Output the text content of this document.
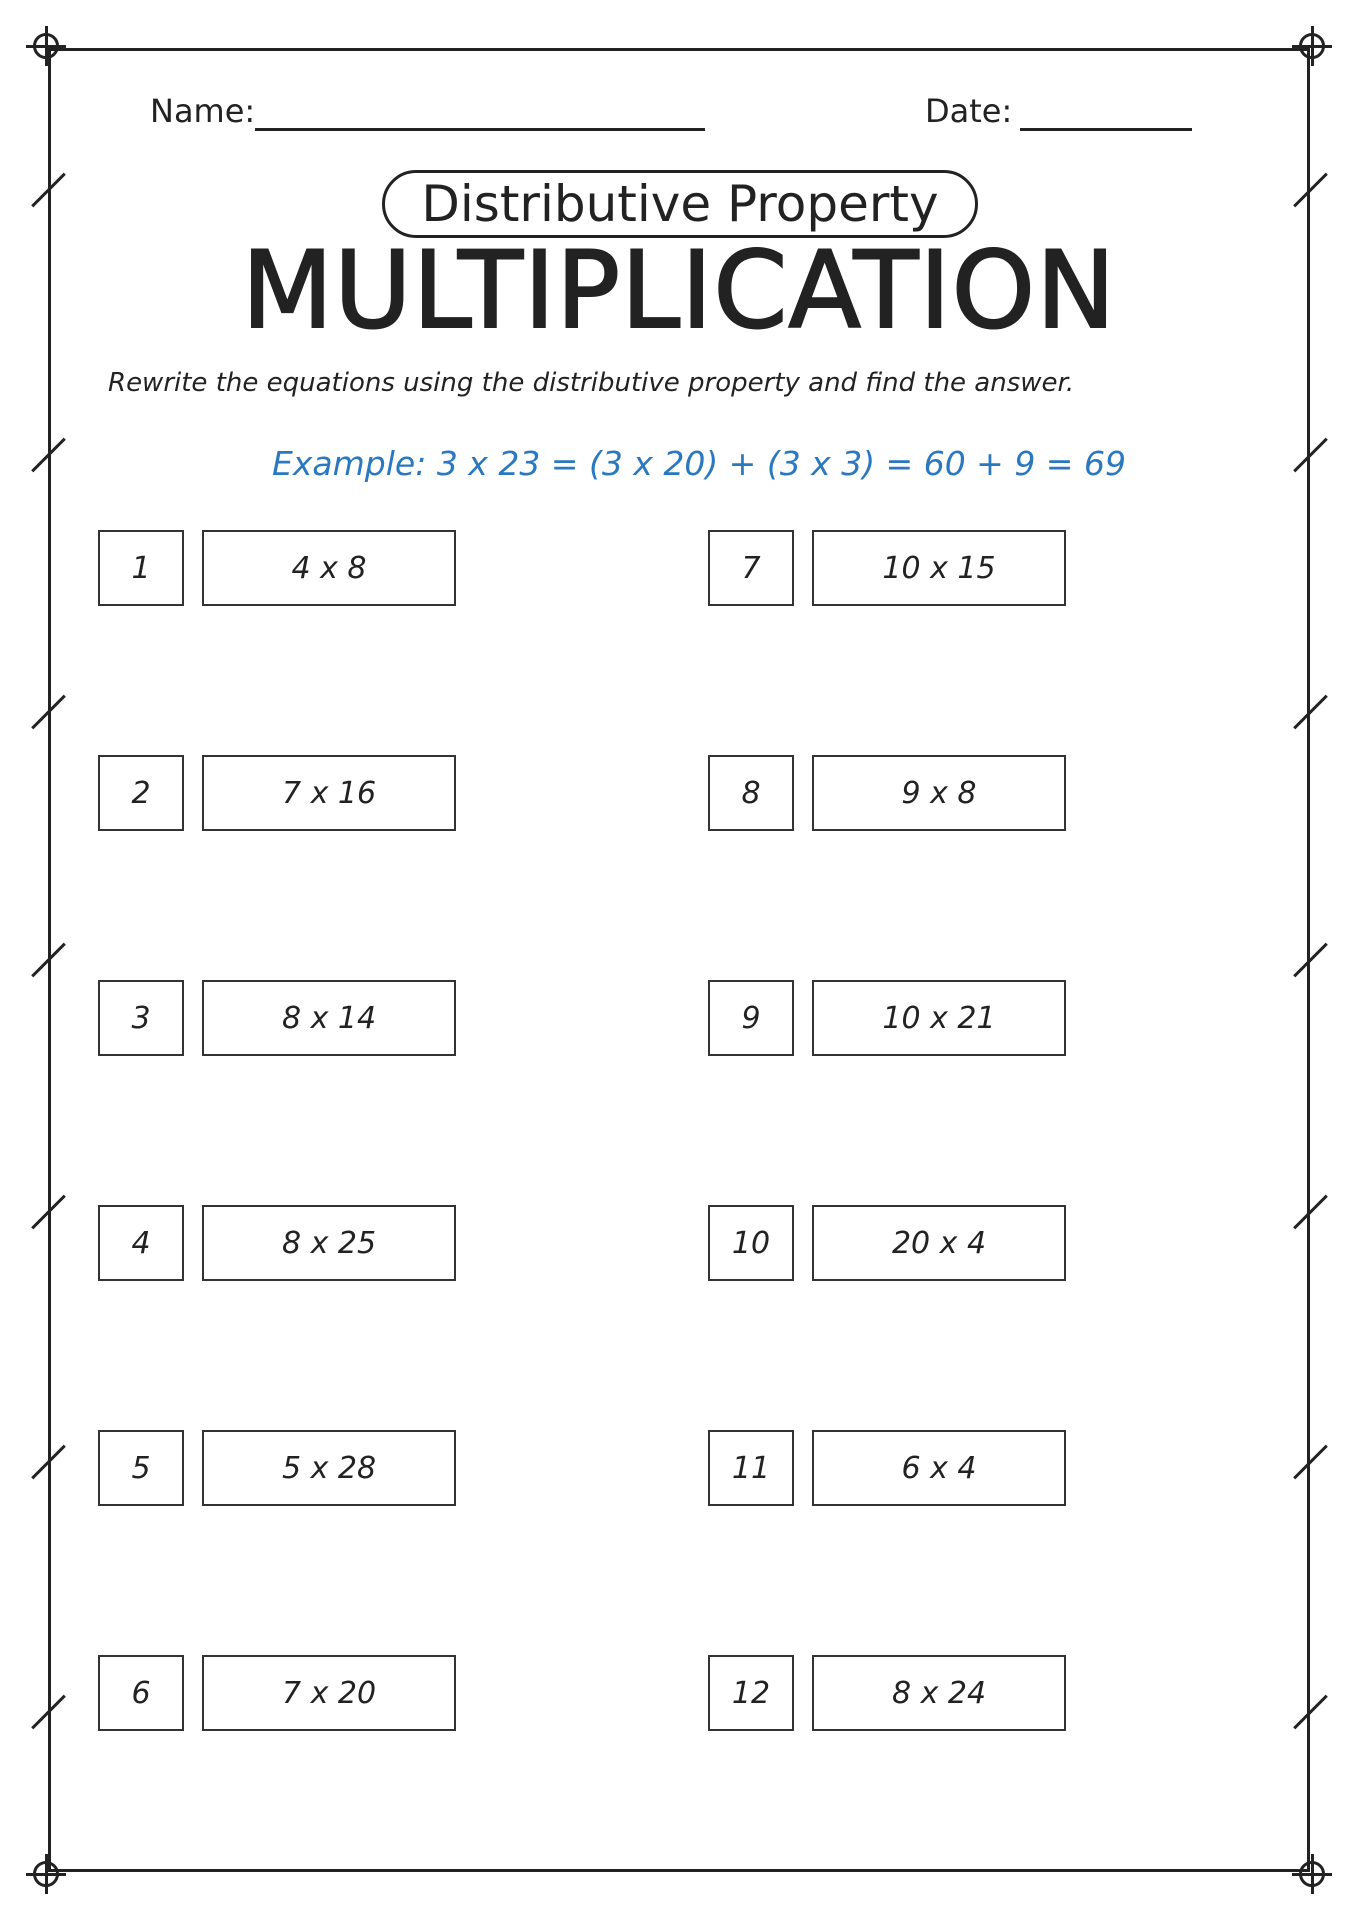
Name:	Date:
Distributive Property
MULTIPLICATION
Rewrite the equations using the distributive property and find the answer.
Example: 3 x 23 = (3 x 20) + (3 x 3) = 60 + 9 = 69
1	4 x 8
2	7 x 16
3	8 x 14
4	8 x 25
5	5 x 28
6	7 x 20
7	10 x 15
8	9 x 8
9	10 x 21
10	20 x 4
11	6 x 4
12	8 x 24
